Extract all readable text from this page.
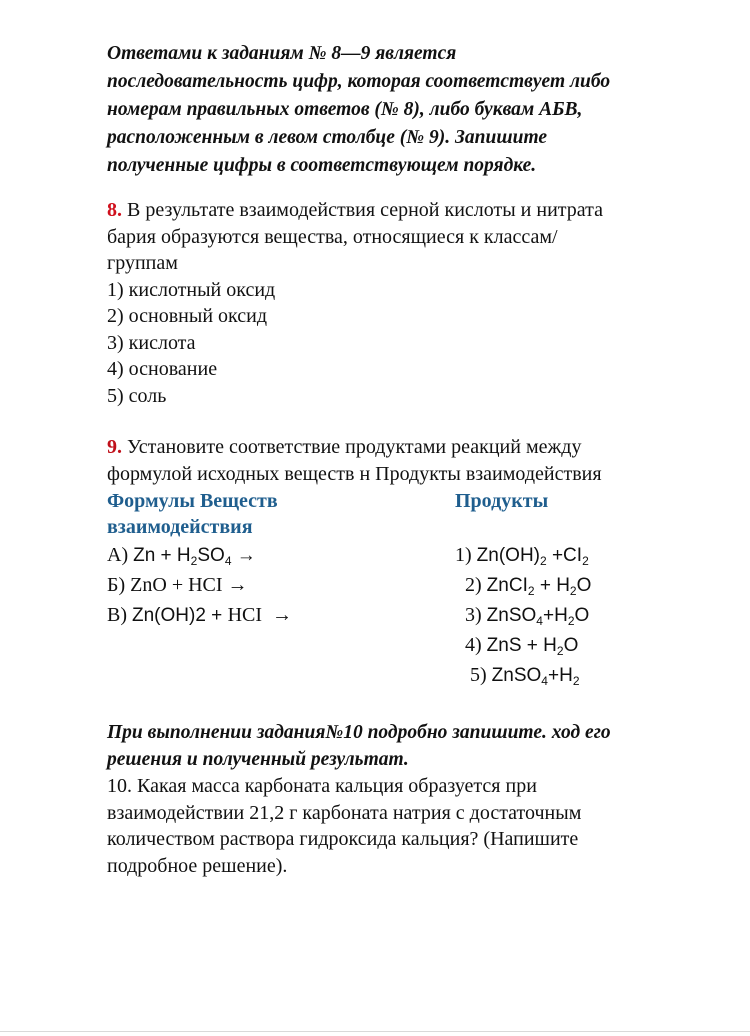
Ответами к заданиям № 8—9 является
последовательность цифр, которая соответствует либо
номерам правильных ответов (№ 8), либо буквам АБВ,
расположенным в левом столбце (№ 9). Запишите
полученные цифры в соответствующем порядке.
8. В результате взаимодействия серной кислоты и нитрата
бария образуются вещества, относящиеся к классам/
группам
1) кислотный оксид
2) основный оксид
3) кислота
4) основание
5) соль
9. Установите соответствие продуктами реакций между
формулой исходных веществ н Продукты взаимодействия
Формулы Веществ
взаимодействия
Продукты
А) $Zn + H_2SO_4$ →
Б) ZnO + HCI →
В) Zn(OH)2 + HCI  →
1) $Zn(OH)_2 +CI_2$
2) ZnCI$_2$ + $H_2O$
3) $ZnSO_4+H_2O$
4) ZnS + $H_2O$
5) $ZnSO_4+H_2$
При выполнении задания№10 подробно запишите. ход его
решения и полученный результат.
10. Какая масса карбоната кальция образуется при
взаимодействии 21,2 г карбоната натрия с достаточным
количеством раствора гидроксида кальция? (Напишите
подробное решение).
